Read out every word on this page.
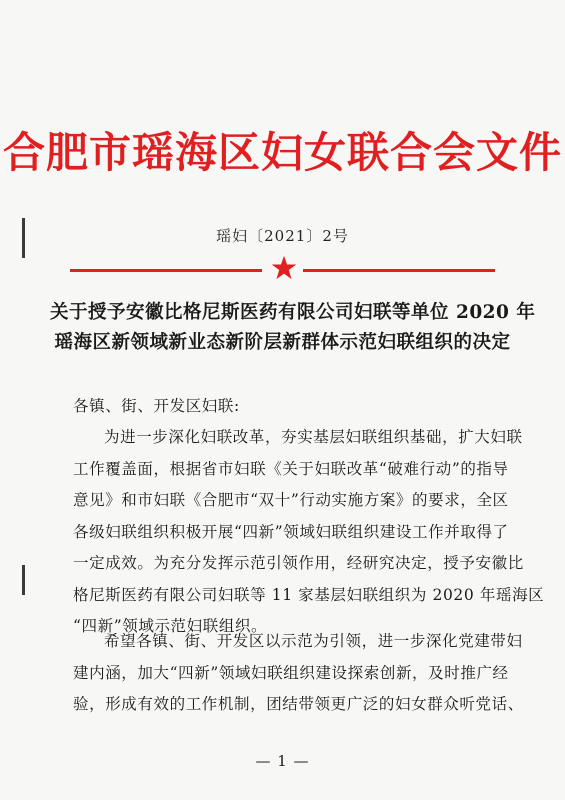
合肥市瑶海区妇女联合会文件
瑶妇〔2021〕2号
关于授予安徽比格尼斯医药有限公司妇联等单位 2020 年
瑶海区新领域新业态新阶层新群体示范妇联组织的决定
各镇、街、开发区妇联:
为进一步深化妇联改革，夯实基层妇联组织基础，扩大妇联
工作覆盖面，根据省市妇联《关于妇联改革“破难行动”的指导
意见》和市妇联《合肥市“双十”行动实施方案》的要求，全区
各级妇联组织积极开展“四新”领域妇联组织建设工作并取得了
一定成效。为充分发挥示范引领作用，经研究决定，授予安徽比
格尼斯医药有限公司妇联等 11 家基层妇联组织为 2020 年瑶海区
“四新”领域示范妇联组织。
希望各镇、街、开发区以示范为引领，进一步深化党建带妇
建内涵，加大“四新”领域妇联组织建设探索创新，及时推广经
验，形成有效的工作机制，团结带领更广泛的妇女群众听党话、
— 1 —
